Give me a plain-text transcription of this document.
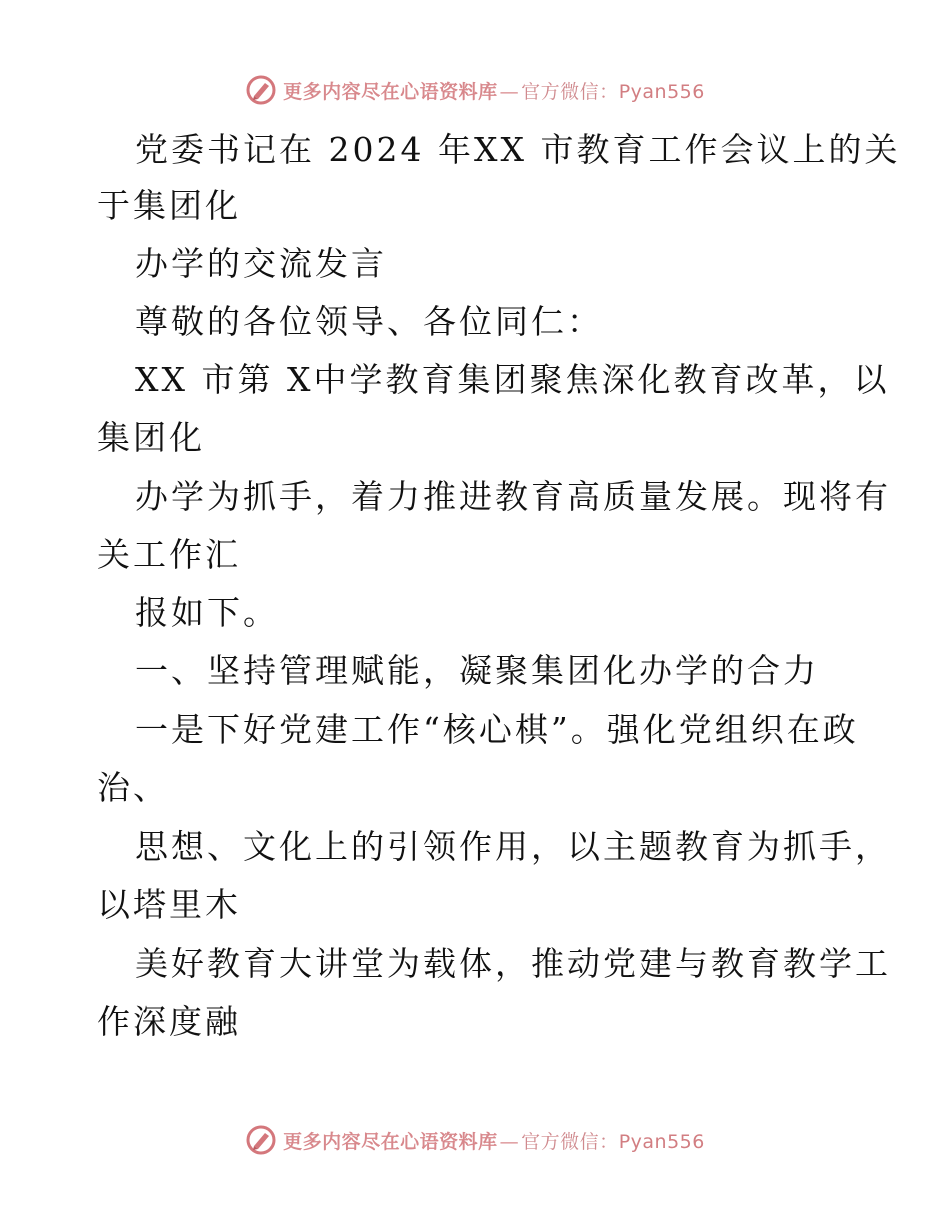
更多内容尽在心语资料库 — 官方微信：Pyan556
党委书记在 2024 年XX 市教育工作会议上的关
于集团化
办学的交流发言
尊敬的各位领导、各位同仁：
XX 市第 X中学教育集团聚焦深化教育改革，以
集团化
办学为抓手，着力推进教育高质量发展。现将有
关工作汇
报如下。
一、坚持管理赋能，凝聚集团化办学的合力
一是下好党建工作“核心棋”。强化党组织在政
治、
思想、文化上的引领作用，以主题教育为抓手，
以塔里木
美好教育大讲堂为载体，推动党建与教育教学工
作深度融
更多内容尽在心语资料库 — 官方微信：Pyan556
